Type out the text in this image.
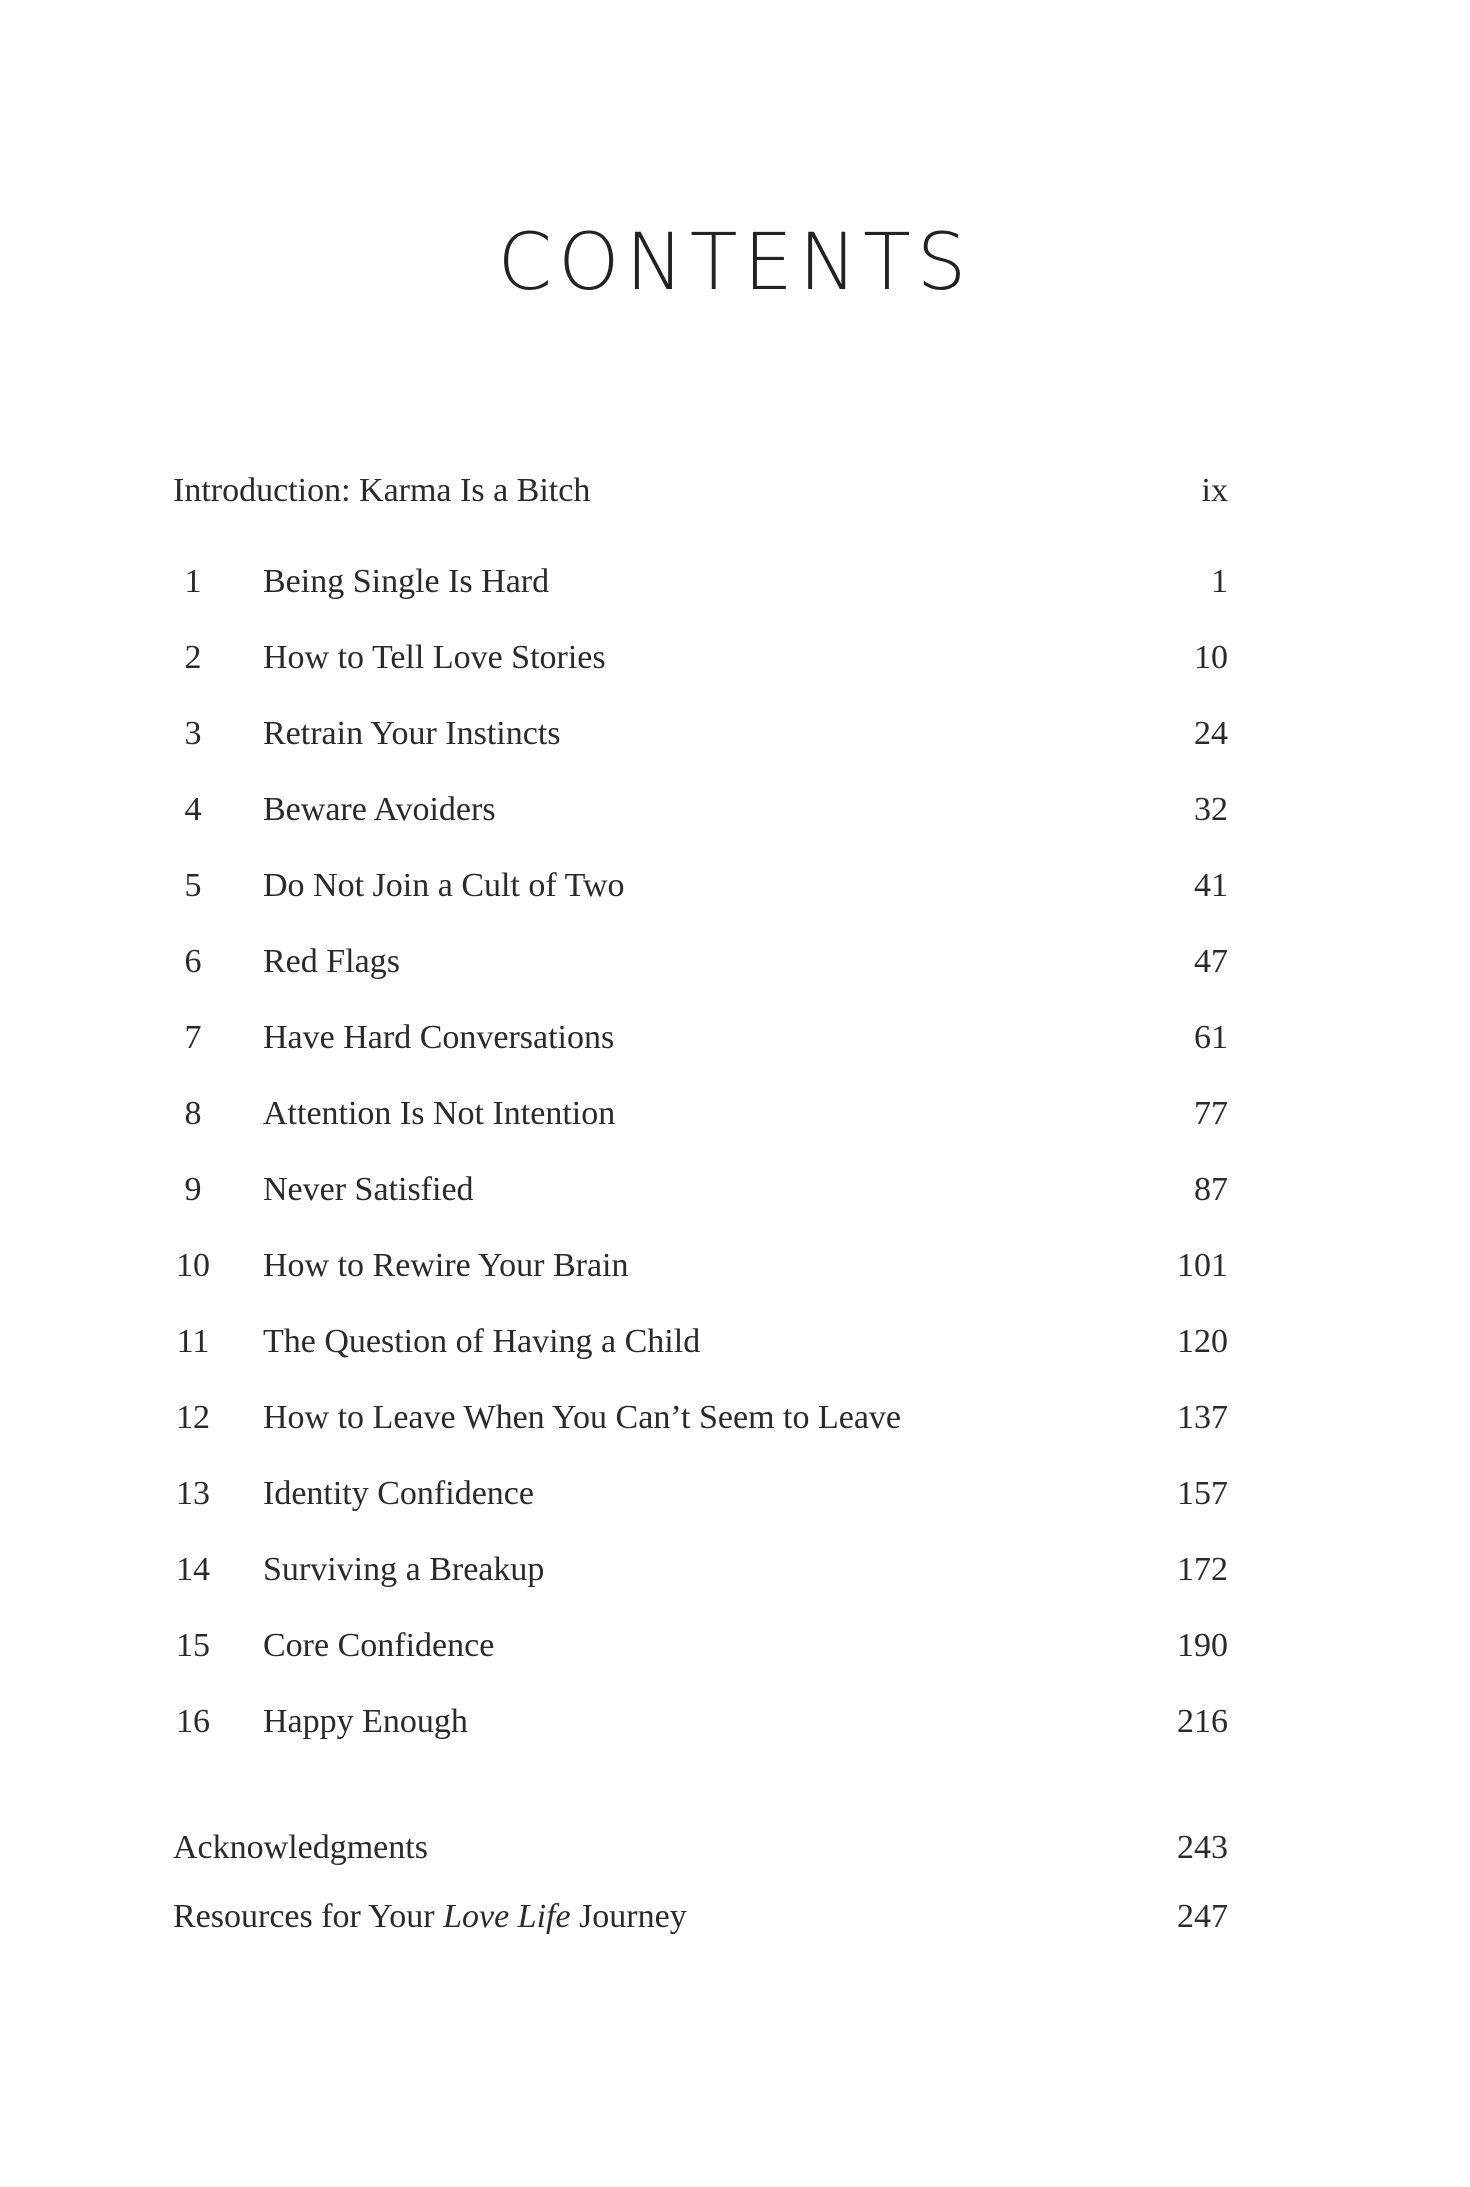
CONTENTS
Introduction: Karma Is a Bitch	ix
1	Being Single Is Hard	1
2	How to Tell Love Stories	10
3	Retrain Your Instincts	24
4	Beware Avoiders	32
5	Do Not Join a Cult of Two	41
6	Red Flags	47
7	Have Hard Conversations	61
8	Attention Is Not Intention	77
9	Never Satisfied	87
10 How to Rewire Your Brain	101
11 The Question of Having a Child	120
12 How to Leave When You Can’t Seem to Leave	137
13 Identity Confidence	157
14 Surviving a Breakup	172
15 Core Confidence	190
16 Happy Enough	216
Acknowledgments	243
Resources for Your Love Life Journey	247
